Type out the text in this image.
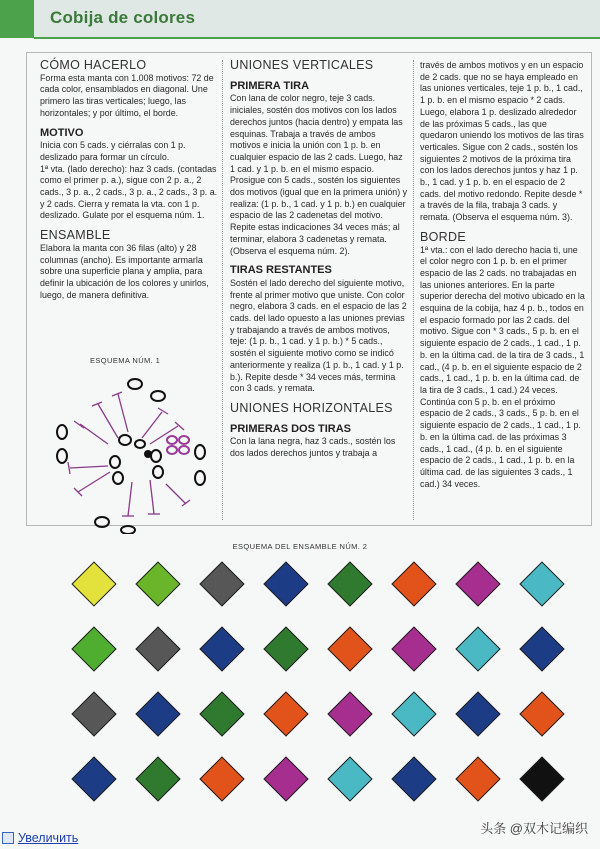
Cobija de colores
CÓMO HACERLO

Forma esta manta con 1.008 motivos: 72 de cada color, ensamblados en diagonal. Une primero las tiras verticales; luego, las horizontales; y por último, el borde.

MOTIVO

Inicia con 5 cads. y ciérralas con 1 p. deslizado para formar un círculo.

1ª vta. (lado derecho): haz 3 cads. (contadas como el primer p. a.), sigue con 2 p. a., 2 cads., 3 p. a., 2 cads., 3 p. a., 2 cads., 3 p. a. y 2 cads. Cierra y remata la vta. con 1 p. deslizado. Gulate por el esquema núm. 1.

ENSAMBLE

Elabora la manta con 36 filas (alto) y 28 columnas (ancho). Es importante armarla sobre una superficie plana y amplia, para definir la ubicación de los colores y unirlos, luego, de manera definitiva.

ESQUEMA NÚM. 1
UNIONES VERTICALES
PRIMERA TIRA

Con lana de color negro, teje 3 cads. iniciales, sostén dos motivos con los lados derechos juntos (hacia dentro) y empata las esquinas. Trabaja a través de ambos motivos e inicia la unión con 1 p. b. en cualquier espacio de las 2 cads. Luego, haz 1 cad. y 1 p. b. en el mismo espacio. Prosigue con 5 cads., sostén los siguientes dos motivos (igual que en la primera unión) y realiza: (1 p. b., 1 cad. y 1 p. b.) en cualquier espacio de las 2 cadenetas del motivo. Repite estas indicaciones 34 veces más; al terminar, elabora 3 cadenetas y remata. (Observa el esquema núm. 2).

TIRAS RESTANTES

Sostén el lado derecho del siguiente motivo, frente al primer motivo que uniste. Con color negro, elabora 3 cads. en el espacio de las 2 cads. del lado opuesto a las uniones previas y trabajando a través de ambos motivos, teje: (1 p. b., 1 cad. y 1 p. b.) * 5 cads., sostén el siguiente motivo como se indicó anteriormente y realiza (1 p. b., 1 cad. y 1 p. b.). Repite desde * 34 veces más, termina con 3 cads. y remata.

UNIONES HORIZONTALES
PRIMERAS DOS TIRAS

Con la lana negra, haz 3 cads., sostén los dos lados derechos juntos y trabaja a

través de ambos motivos y en un espacio de 2 cads. que no se haya empleado en las uniones verticales, teje 1 p. b., 1 cad., 1 p. b. en el mismo espacio * 2 cads. Luego, elabora 1 p. deslizado alrededor de las próximas 5 cads., las que quedaron uniendo los motivos de las tiras verticales. Sigue con 2 cads., sostén los siguientes 2 motivos de la próxima tira con los lados derechos juntos y haz 1 p. b., 1 cad. y 1 p. b. en el espacio de 2 cads. del motivo redondo. Repite desde * a través de la fila, trabaja 3 cads. y remata. (Observa el esquema núm. 3).

BORDE

1ª vta.: con el lado derecho hacia ti, une el color negro con 1 p. b. en el primer espacio de las 2 cads. no trabajadas en las uniones anteriores. En la parte superior derecha del motivo ubicado en la esquina de la cobija, haz 4 p. b., todos en el espacio formado por las 2 cads. del motivo. Sigue con * 3 cads., 5 p. b. en el siguiente espacio de 2 cads., 1 cad., 1 p. b. en la última cad. de la tira de 3 cads., 1 cad., (4 p. b. en el siguiente espacio de 2 cads., 1 cad., 1 p. b. en la última cad. de la tira de 3 cads., 1 cad.) 24 veces. Continúa con 5 p. b. en el próximo espacio de 2 cads., 3 cads., 5 p. b. en el siguiente espacio de 2 cads., 1 cad., 1 p. b. en la última cad. de las próximas 3 cads., 1 cad., (4 p. b. en el siguiente espacio de 2 cads., 1 cad., 1 p. b. en la última cad. de las siguientes 3 cads., 1 cad.) 34 veces.

ESQUEMA DEL ENSAMBLE NÚM. 2
Увеличить
头条 @双木记编织
